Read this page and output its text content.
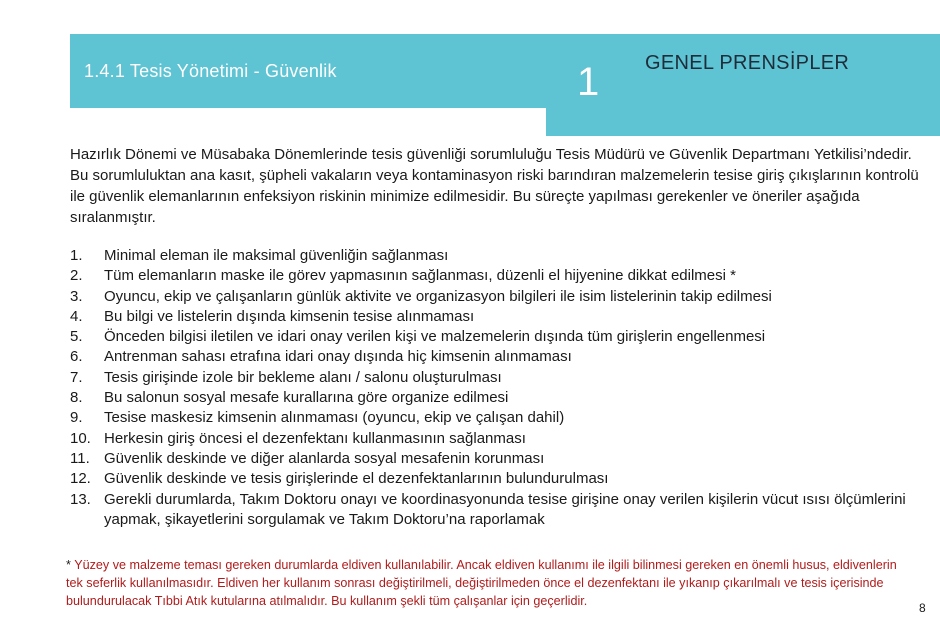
1.4.1 Tesis Yönetimi - Güvenlik	1 GENEL PRENSİPLER

Hazırlık Dönemi ve Müsabaka Dönemlerinde tesis güvenliği sorumluluğu Tesis Müdürü ve Güvenlik Departmanı Yetkilisi’ndedir. Bu sorumluluktan ana kasıt, şüpheli vakaların veya kontaminasyon riski barındıran malzemelerin tesise giriş çıkışlarının kontrolü ile güvenlik elemanlarının enfeksiyon riskinin minimize edilmesidir. Bu süreçte yapılması gerekenler ve öneriler aşağıda sıralanmıştır.

1.	Minimal eleman ile maksimal güvenliğin sağlanması
2.	Tüm elemanların maske ile görev yapmasının sağlanması, düzenli el hijyenine dikkat edilmesi *
3.	Oyuncu, ekip ve çalışanların günlük aktivite ve organizasyon bilgileri ile isim listelerinin takip edilmesi
4.	Bu bilgi ve listelerin dışında kimsenin tesise alınmaması
5.	Önceden bilgisi iletilen ve idari onay verilen kişi ve malzemelerin dışında tüm girişlerin engellenmesi
6.	Antrenman sahası etrafına idari onay dışında hiç kimsenin alınmaması
7.	Tesis girişinde izole bir bekleme alanı / salonu oluşturulması
8.	Bu salonun sosyal mesafe kurallarına göre organize edilmesi
9.	Tesise maskesiz kimsenin alınmaması (oyuncu, ekip ve çalışan dahil)
10. Herkesin giriş öncesi el dezenfektanı kullanmasının sağlanması
11. Güvenlik deskinde ve diğer alanlarda sosyal mesafenin korunması
12. Güvenlik deskinde ve tesis girişlerinde el dezenfektanlarının bulundurulması
13. Gerekli durumlarda, Takım Doktoru onayı ve koordinasyonunda tesise girişine onay verilen kişilerin vücut ısısı ölçümlerini yapmak, şikayetlerini sorgulamak ve Takım Doktoru’na raporlamak

* Yüzey ve malzeme teması gereken durumlarda eldiven kullanılabilir. Ancak eldiven kullanımı ile ilgili bilinmesi gereken en önemli husus, eldivenlerin tek seferlik kullanılmasıdır. Eldiven her kullanım sonrası değiştirilmeli, değiştirilmeden önce el dezenfektanı ile yıkanıp çıkarılmalı ve tesis içerisinde bulundurulacak Tıbbi Atık kutularına atılmalıdır. Bu kullanım şekli tüm çalışanlar için geçerlidir.	8
